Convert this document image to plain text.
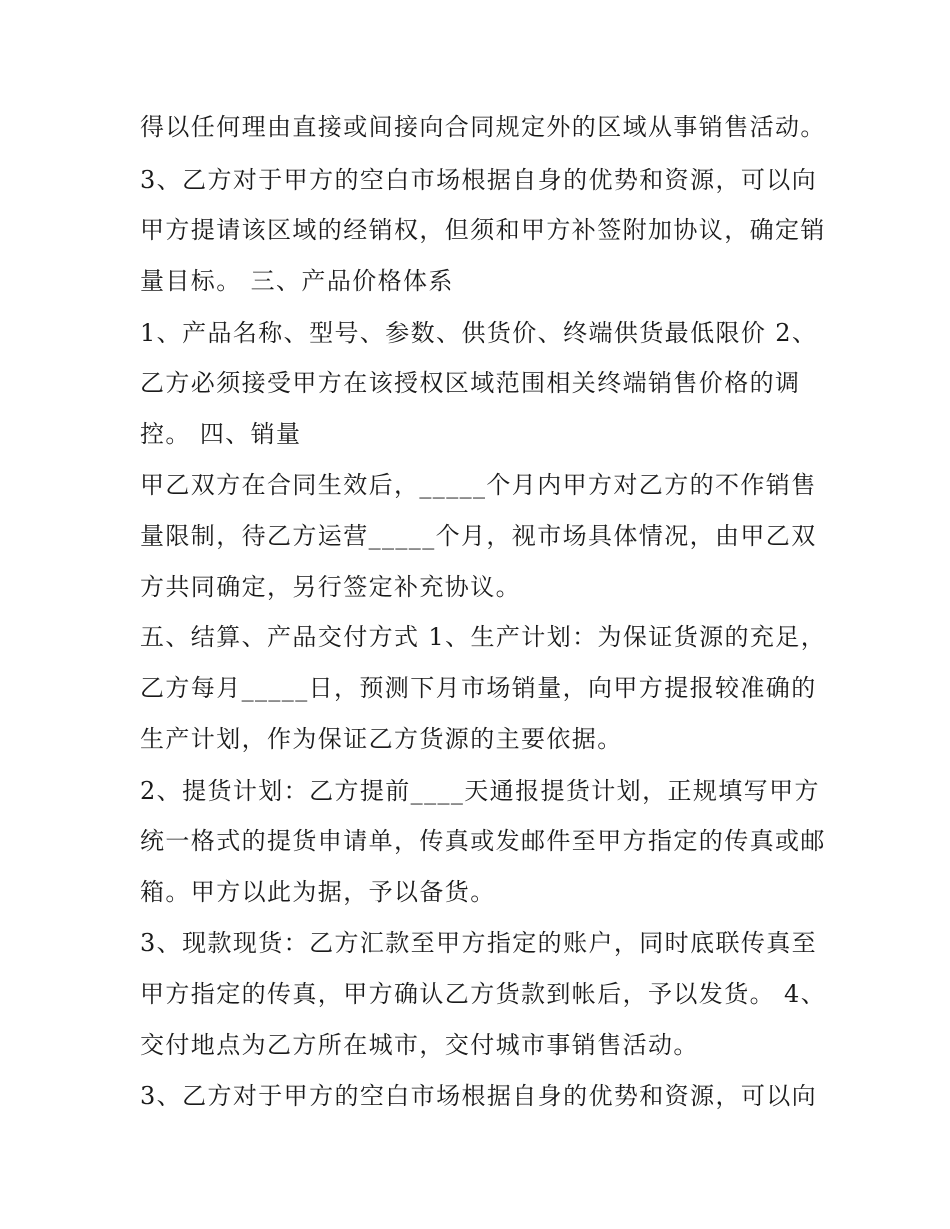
得以任何理由直接或间接向合同规定外的区域从事销售活动。
3、乙方对于甲方的空白市场根据自身的优势和资源，可以向
甲方提请该区域的经销权，但须和甲方补签附加协议，确定销
量目标。 三、产品价格体系
1、产品名称、型号、参数、供货价、终端供货最低限价 2、
乙方必须接受甲方在该授权区域范围相关终端销售价格的调
控。 四、销量
甲乙双方在合同生效后，_____个月内甲方对乙方的不作销售
量限制，待乙方运营_____个月，视市场具体情况，由甲乙双
方共同确定，另行签定补充协议。
五、结算、产品交付方式 1、生产计划：为保证货源的充足，
乙方每月_____日，预测下月市场销量，向甲方提报较准确的
生产计划，作为保证乙方货源的主要依据。
2、提货计划：乙方提前____天通报提货计划，正规填写甲方
统一格式的提货申请单，传真或发邮件至甲方指定的传真或邮
箱。甲方以此为据，予以备货。
3、现款现货：乙方汇款至甲方指定的账户，同时底联传真至
甲方指定的传真，甲方确认乙方货款到帐后，予以发货。 4、
交付地点为乙方所在城市，交付城市事销售活动。
3、乙方对于甲方的空白市场根据自身的优势和资源，可以向
